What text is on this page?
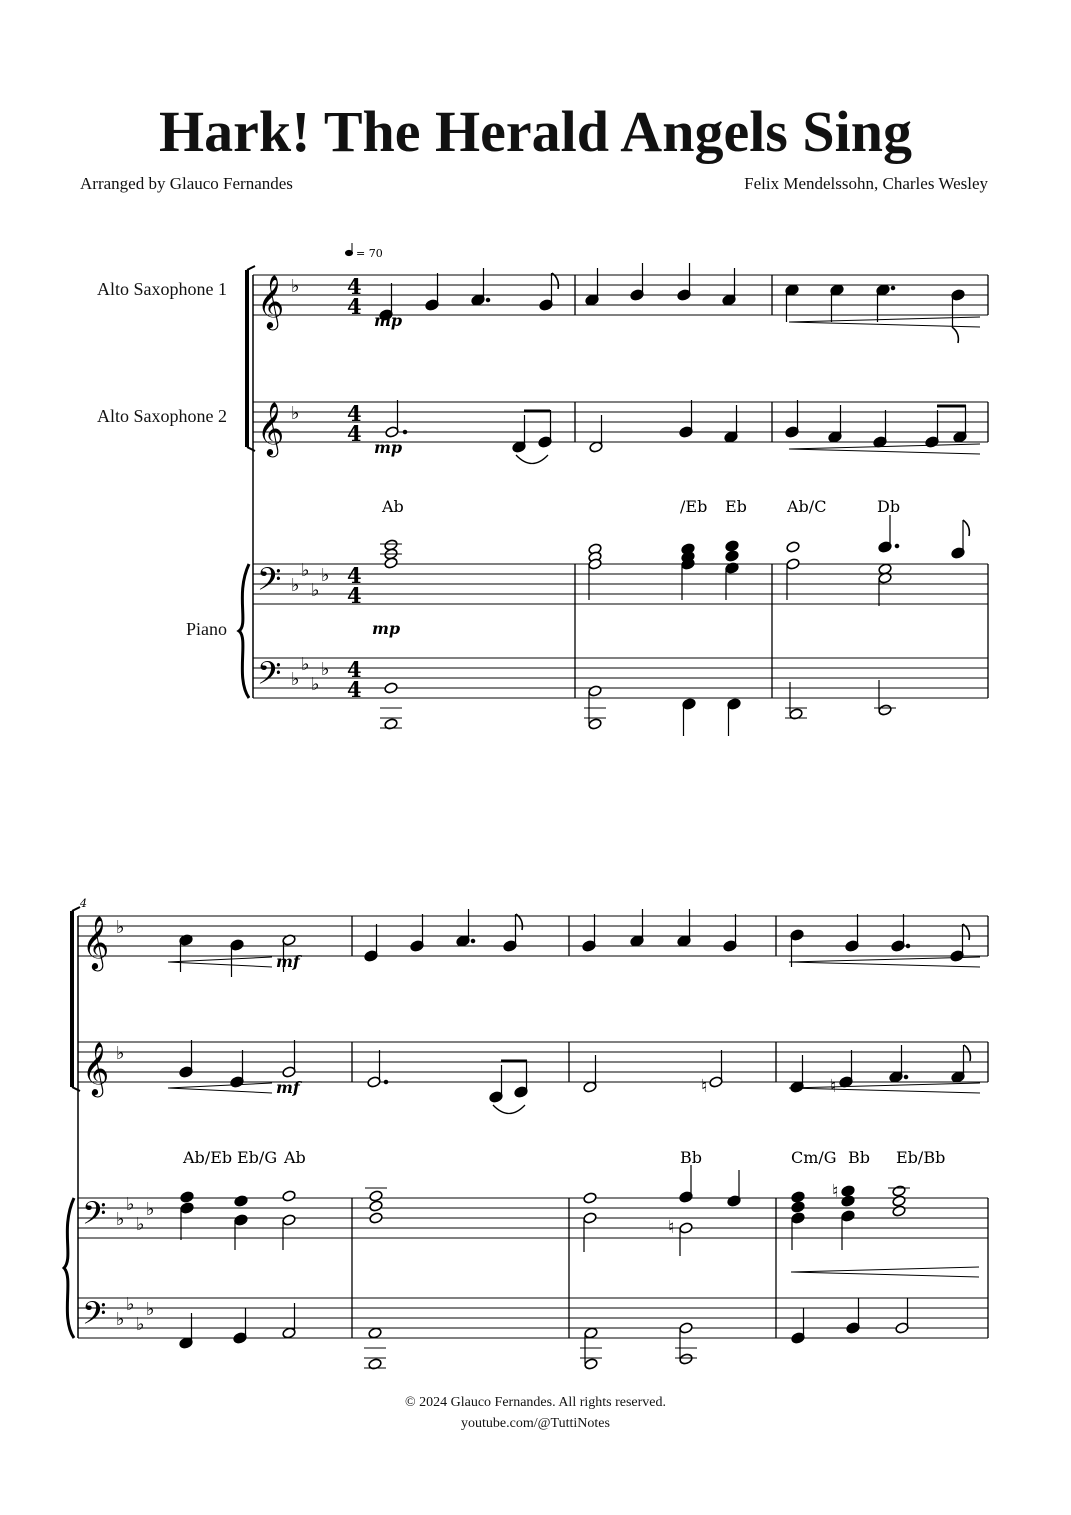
Hark! The Herald Angels Sing
Arranged by Glauco Fernandes	Felix Mendelssohn, Charles Wesley
Alto Saxophone 1
Alto Saxophone 2
Piano
𝄞 ♭ 4
4
𝄞 ♭ 4
4
𝄢 ♭
♭
♭
♭ 4
4
𝄢 ♭
♭
♭
♭ 4
4
= 70
mp
mp
Ab	/Eb Eb	Ab/C	Db
mp
4
𝄞 ♭
𝄞 ♭
𝄢 ♭
♭
♭
♭
𝄢 ♭
♭
♭
♭
mf
♮
mf
Ab/Eb Eb/G Ab	Bb	Cm/G Bb Eb/Bb
♮
♮
© 2024 Glauco Fernandes. All rights reserved.
youtube.com/@TuttiNotes
